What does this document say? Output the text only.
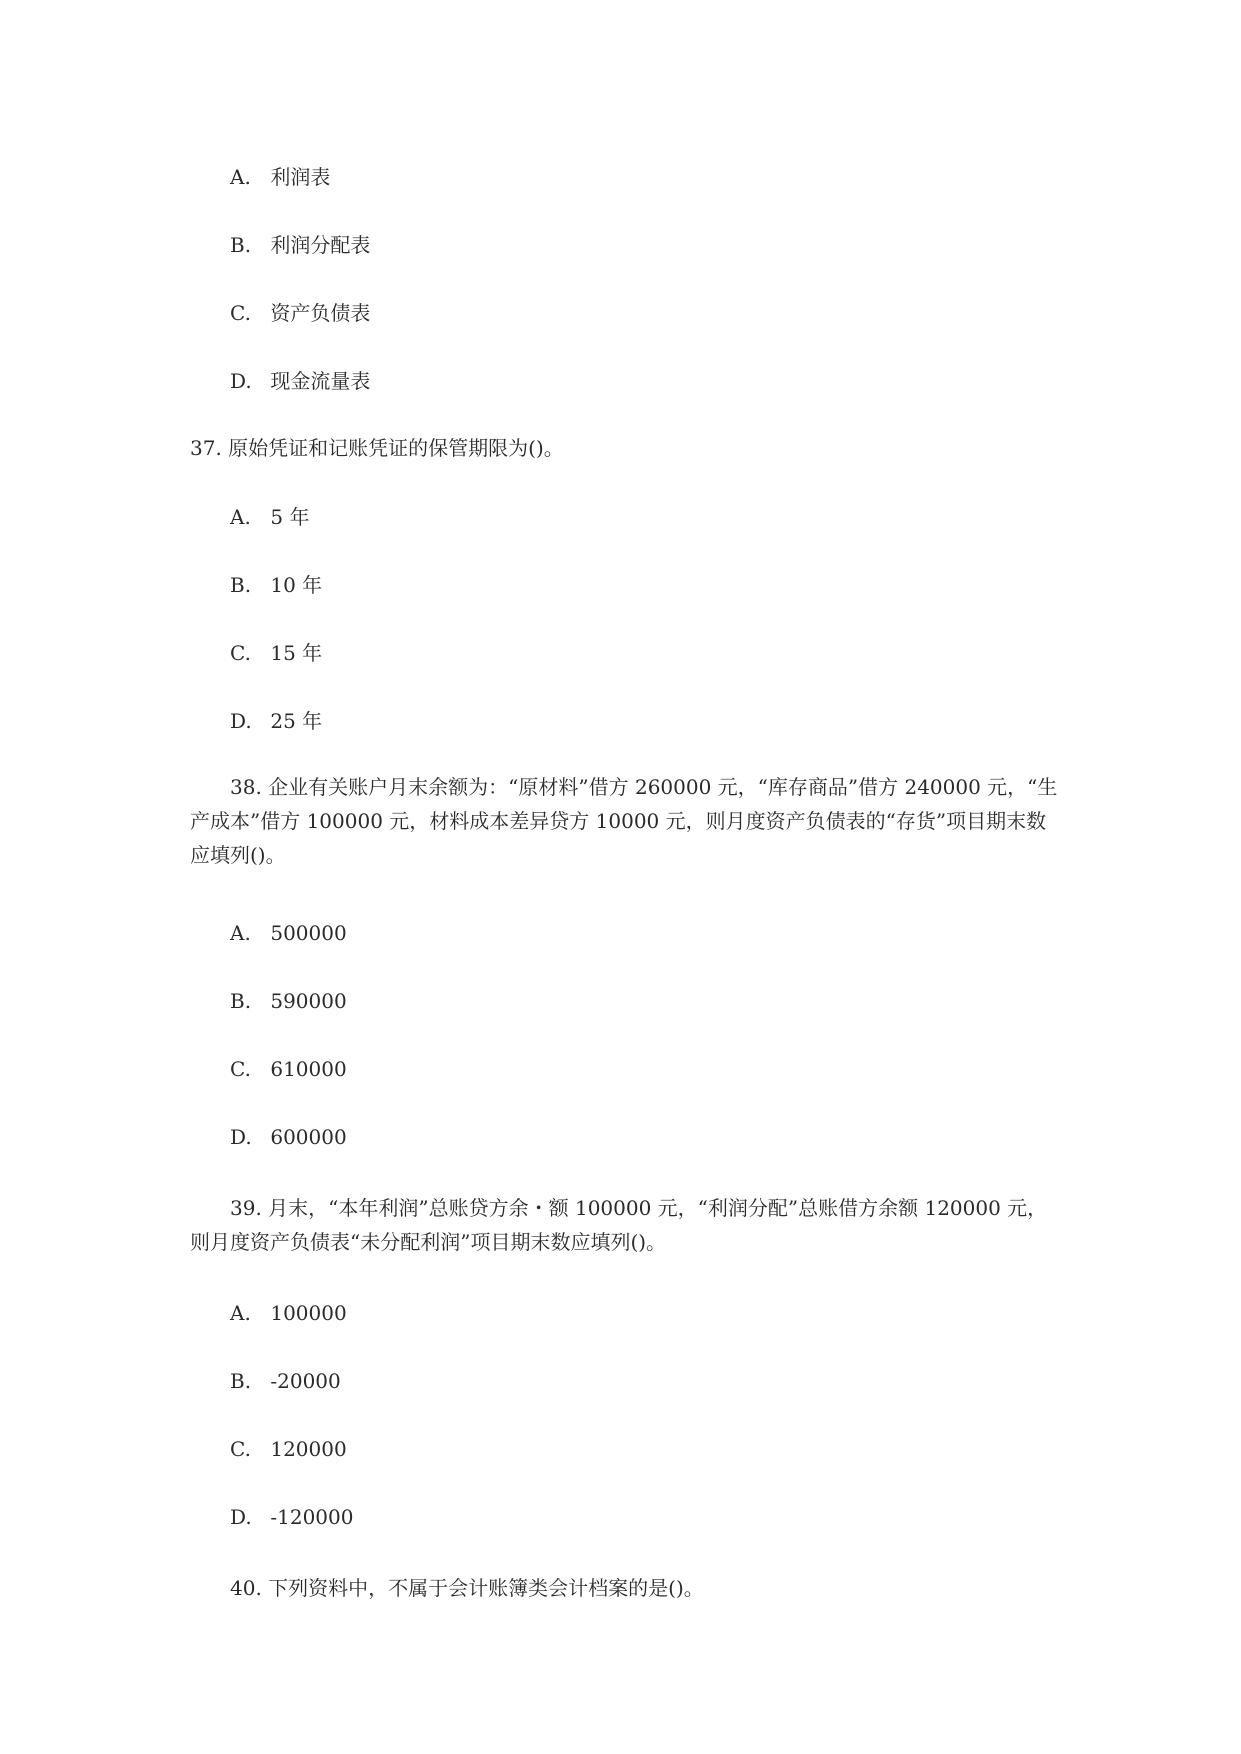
A. 利润表
B. 利润分配表
C. 资产负债表
D. 现金流量表
37. 原始凭证和记账凭证的保管期限为()。
A. 5 年
B. 10 年
C. 15 年
D. 25 年
38. 企业有关账户月末余额为：“原材料”借方 260000 元，“库存商品”借方 240000 元，“生产成本”借方 100000 元，材料成本差异贷方 10000 元，则月度资产负债表的“存货”项目期末数应填列()。
A. 500000
B. 590000
C. 610000
D. 600000
39. 月末，“本年利润”总账贷方余・额 100000 元，“利润分配”总账借方余额 120000 元，则月度资产负债表“未分配利润”项目期末数应填列()。
A. 100000
B. -20000
C. 120000
D. -120000
40. 下列资料中，不属于会计账簿类会计档案的是()。
